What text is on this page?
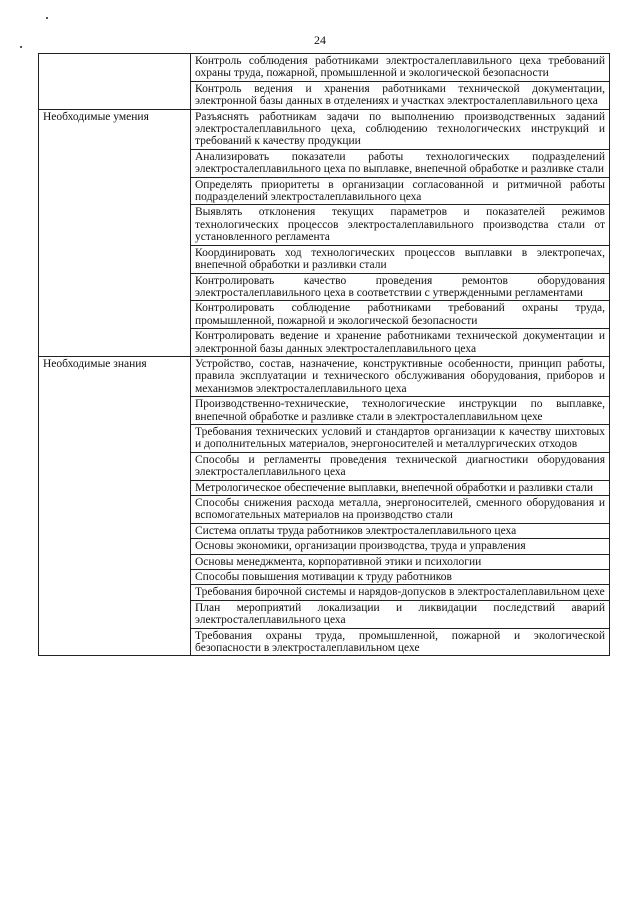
24
	Контроль соблюдения работниками электросталеплавильного цеха требований охраны труда, пожарной, промышленной и экологической безопасности
	Контроль ведения и хранения работниками технической документации, электронной базы данных в отделениях и участках электросталеплавильного цеха

Необходимые умения	Разъяснять работникам задачи по выполнению производственных заданий электросталеплавильного цеха, соблюдению технологических инструкций и требований к качеству продукции
	Анализировать показатели работы технологических подразделений электросталеплавильного цеха по выплавке, внепечной обработке и разливке стали
	Определять приоритеты в организации согласованной и ритмичной работы подразделений электросталеплавильного цеха
	Выявлять отклонения текущих параметров и показателей режимов технологических процессов электросталеплавильного производства стали от установленного регламента
	Координировать ход технологических процессов выплавки в электропечах, внепечной обработки и разливки стали
	Контролировать качество проведения ремонтов оборудования электросталеплавильного цеха в соответствии с утвержденными регламентами
	Контролировать соблюдение работниками требований охраны труда, промышленной, пожарной и экологической безопасности
	Контролировать ведение и хранение работниками технической документации и электронной базы данных электросталеплавильного цеха

Необходимые знания	Устройство, состав, назначение, конструктивные особенности, принцип работы, правила эксплуатации и технического обслуживания оборудования, приборов и механизмов электросталеплавильного цеха
	Производственно-технические, технологические инструкции по выплавке, внепечной обработке и разливке стали в электросталеплавильном цехе
	Требования технических условий и стандартов организации к качеству шихтовых и дополнительных материалов, энергоносителей и металлургических отходов
	Способы и регламенты проведения технической диагностики оборудования электросталеплавильного цеха
	Метрологическое обеспечение выплавки, внепечной обработки и разливки стали
	Способы снижения расхода металла, энергоносителей, сменного оборудования и вспомогательных материалов на производство стали
	Система оплаты труда работников электросталеплавильного цеха
	Основы экономики, организации производства, труда и управления
	Основы менеджмента, корпоративной этики и психологии
	Способы повышения мотивации к труду работников
	Требования бирочной системы и нарядов-допусков в электросталеплавильном цехе
	План мероприятий локализации и ликвидации последствий аварий электросталеплавильного цеха
	Требования охраны труда, промышленной, пожарной и экологической безопасности в электросталеплавильном цехе
